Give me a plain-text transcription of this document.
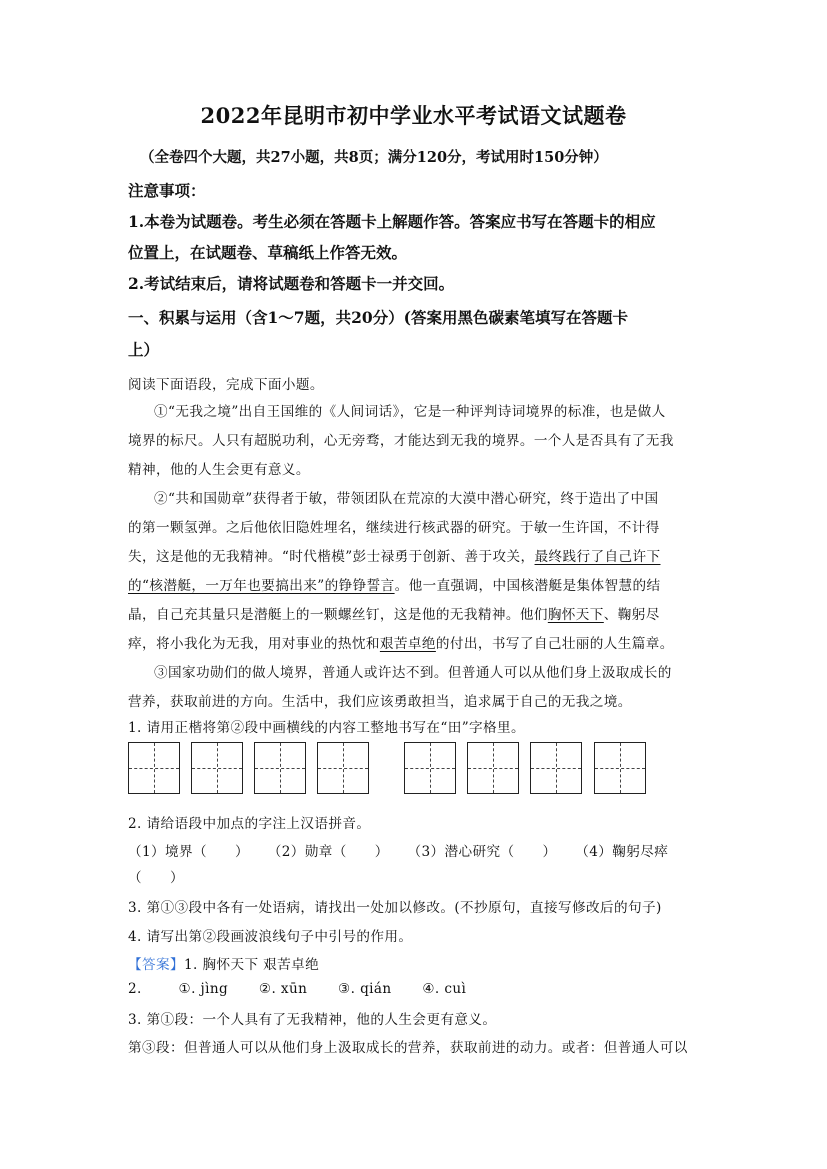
2022年昆明市初中学业水平考试语文试题卷
（全卷四个大题，共27小题，共8页；满分120分，考试用时150分钟）
注意事项：
1.本卷为试题卷。考生必须在答题卡上解题作答。答案应书写在答题卡的相应
位置上，在试题卷、草稿纸上作答无效。
2.考试结束后，请将试题卷和答题卡一并交回。
一、积累与运用（含1～7题，共20分）(答案用黑色碳素笔填写在答题卡
上）
阅读下面语段，完成下面小题。
①“无我之境”出自王国维的《人间词话》，它是一种评判诗词境界的标准，也是做人
境界的标尺。人只有超脱功利，心无旁骛，才能达到无我的境界。一个人是否具有了无我
精神，他的人生会更有意义。
②“共和国勋章”获得者于敏，带领团队在荒凉的大漠中潜心研究，终于造出了中国
的第一颗氢弹。之后他依旧隐姓埋名，继续进行核武器的研究。于敏一生许国，不计得
失，这是他的无我精神。“时代楷模”彭士禄勇于创新、善于攻关，最终践行了自己许下
的“核潜艇，一万年也要搞出来”的铮铮誓言。他一直强调，中国核潜艇是集体智慧的结
晶，自己充其量只是潜艇上的一颗螺丝钉，这是他的无我精神。他们胸怀天下、鞠躬尽
瘁，将小我化为无我，用对事业的热忱和艰苦卓绝的付出，书写了自己壮丽的人生篇章。
③国家功勋们的做人境界，普通人或许达不到。但普通人可以从他们身上汲取成长的
营养，获取前进的方向。生活中，我们应该勇敢担当，追求属于自己的无我之境。
1. 请用正楷将第②段中画横线的内容工整地书写在“田”字格里。
2. 请给语段中加点的字注上汉语拼音。
（1）境界（　　） （2）勋章（　　） （3）潜心研究（　　） （4）鞠躬尽瘁
（　　）
3. 第①③段中各有一处语病，请找出一处加以修改。(不抄原句，直接写修改后的句子)
4. 请写出第②段画波浪线句子中引号的作用。
【答案】1. 胸怀天下 艰苦卓绝
2.	①. jìng ②. xūn ③. qián ④. cuì
3. 第①段：一个人具有了无我精神，他的人生会更有意义。
第③段：但普通人可以从他们身上汲取成长的营养，获取前进的动力。或者：但普通人可以
